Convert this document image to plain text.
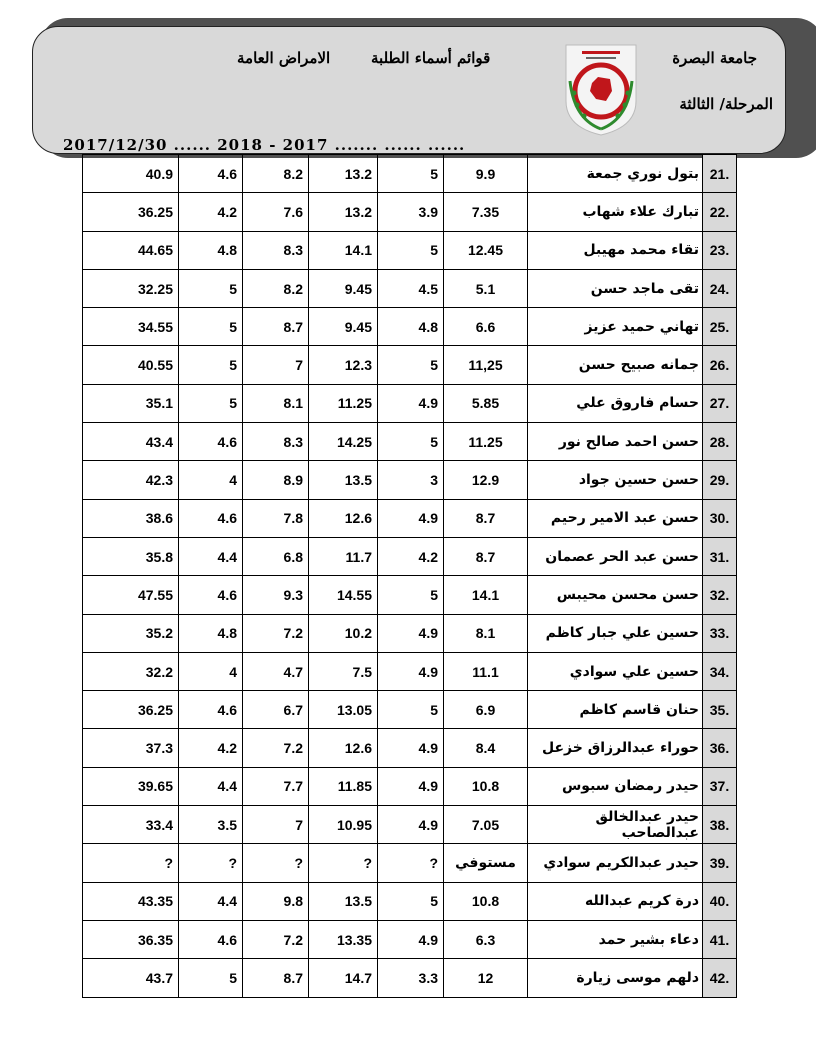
جامعة البصرة
المرحلة/ الثالثة
قوائم أسماء الطلبة
الامراض العامة
2017/12/30 ...... 2018 - 2017 ....... ...... ......
40.9	4.6	8.2	13.2	5	9.9	بتول نوري جمعة	21.
36.25	4.2	7.6	13.2	3.9	7.35	تبارك علاء شهاب	22.
44.65	4.8	8.3	14.1	5	12.45	تقاء محمد مهيبل	23.
32.25	5	8.2	9.45	4.5	5.1	تقى ماجد حسن	24.
34.55	5	8.7	9.45	4.8	6.6	تهاني حميد عزيز	25.
40.55	5	7	12.3	5	11,25	جمانه صبيح حسن	26.
35.1	5	8.1	11.25	4.9	5.85	حسام فاروق علي	27.
43.4	4.6	8.3	14.25	5	11.25	حسن احمد صالح نور	28.
42.3	4	8.9	13.5	3	12.9	حسن حسين جواد	29.
38.6	4.6	7.8	12.6	4.9	8.7	حسن عبد الامير رحيم	30.
35.8	4.4	6.8	11.7	4.2	8.7	حسن عبد الحر عصمان	31.
47.55	4.6	9.3	14.55	5	14.1	حسن محسن محيبس	32.
35.2	4.8	7.2	10.2	4.9	8.1	حسين علي جبار كاظم	33.
32.2	4	4.7	7.5	4.9	11.1	حسين علي سوادي	34.
36.25	4.6	6.7	13.05	5	6.9	حنان قاسم كاظم	35.
37.3	4.2	7.2	12.6	4.9	8.4	حوراء عبدالرزاق خزعل	36.
39.65	4.4	7.7	11.85	4.9	10.8	حيدر رمضان سبوس	37.
33.4	3.5	7	10.95	4.9	7.05	حيدر عبدالخالق عبدالصاحب	38.
?	?	?	?	?	مستوفي	حيدر عبدالكريم سوادي	39.
43.35	4.4	9.8	13.5	5	10.8	درة كريم عبدالله	40.
36.35	4.6	7.2	13.35	4.9	6.3	دعاء بشير حمد	41.
43.7	5	8.7	14.7	3.3	12	دلهم موسى زيارة	42.
